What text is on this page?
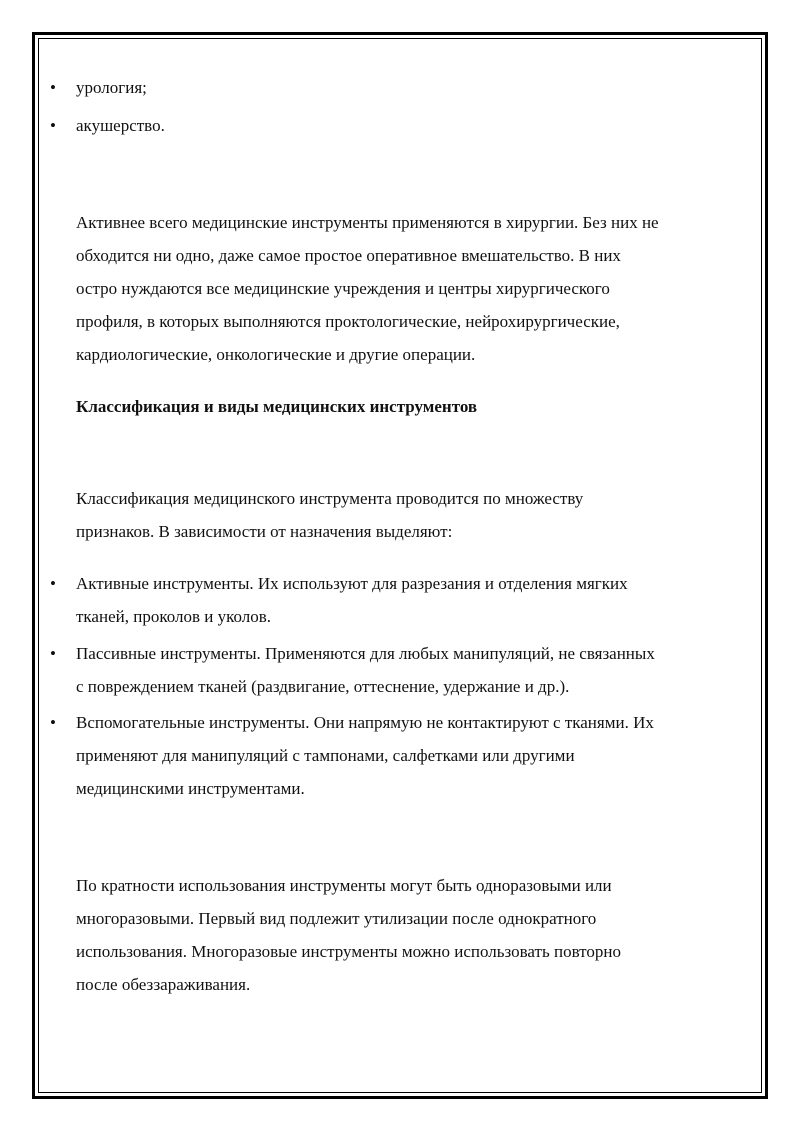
• урология;
• акушерство.
Активнее всего медицинские инструменты применяются в хирургии. Без них не
обходится ни одно, даже самое простое оперативное вмешательство. В них
остро нуждаются все медицинские учреждения и центры хирургического
профиля, в которых выполняются проктологические, нейрохирургические,
кардиологические, онкологические и другие операции.
Классификация и виды медицинских инструментов
Классификация медицинского инструмента проводится по множеству
признаков. В зависимости от назначения выделяют:
• Активные инструменты. Их используют для разрезания и отделения мягких
тканей, проколов и уколов.
• Пассивные инструменты. Применяются для любых манипуляций, не связанных
с повреждением тканей (раздвигание, оттеснение, удержание и др.).
• Вспомогательные инструменты. Они напрямую не контактируют с тканями. Их
применяют для манипуляций с тампонами, салфетками или другими
медицинскими инструментами.
По кратности использования инструменты могут быть одноразовыми или
многоразовыми. Первый вид подлежит утилизации после однократного
использования. Многоразовые инструменты можно использовать повторно
после обеззараживания.
